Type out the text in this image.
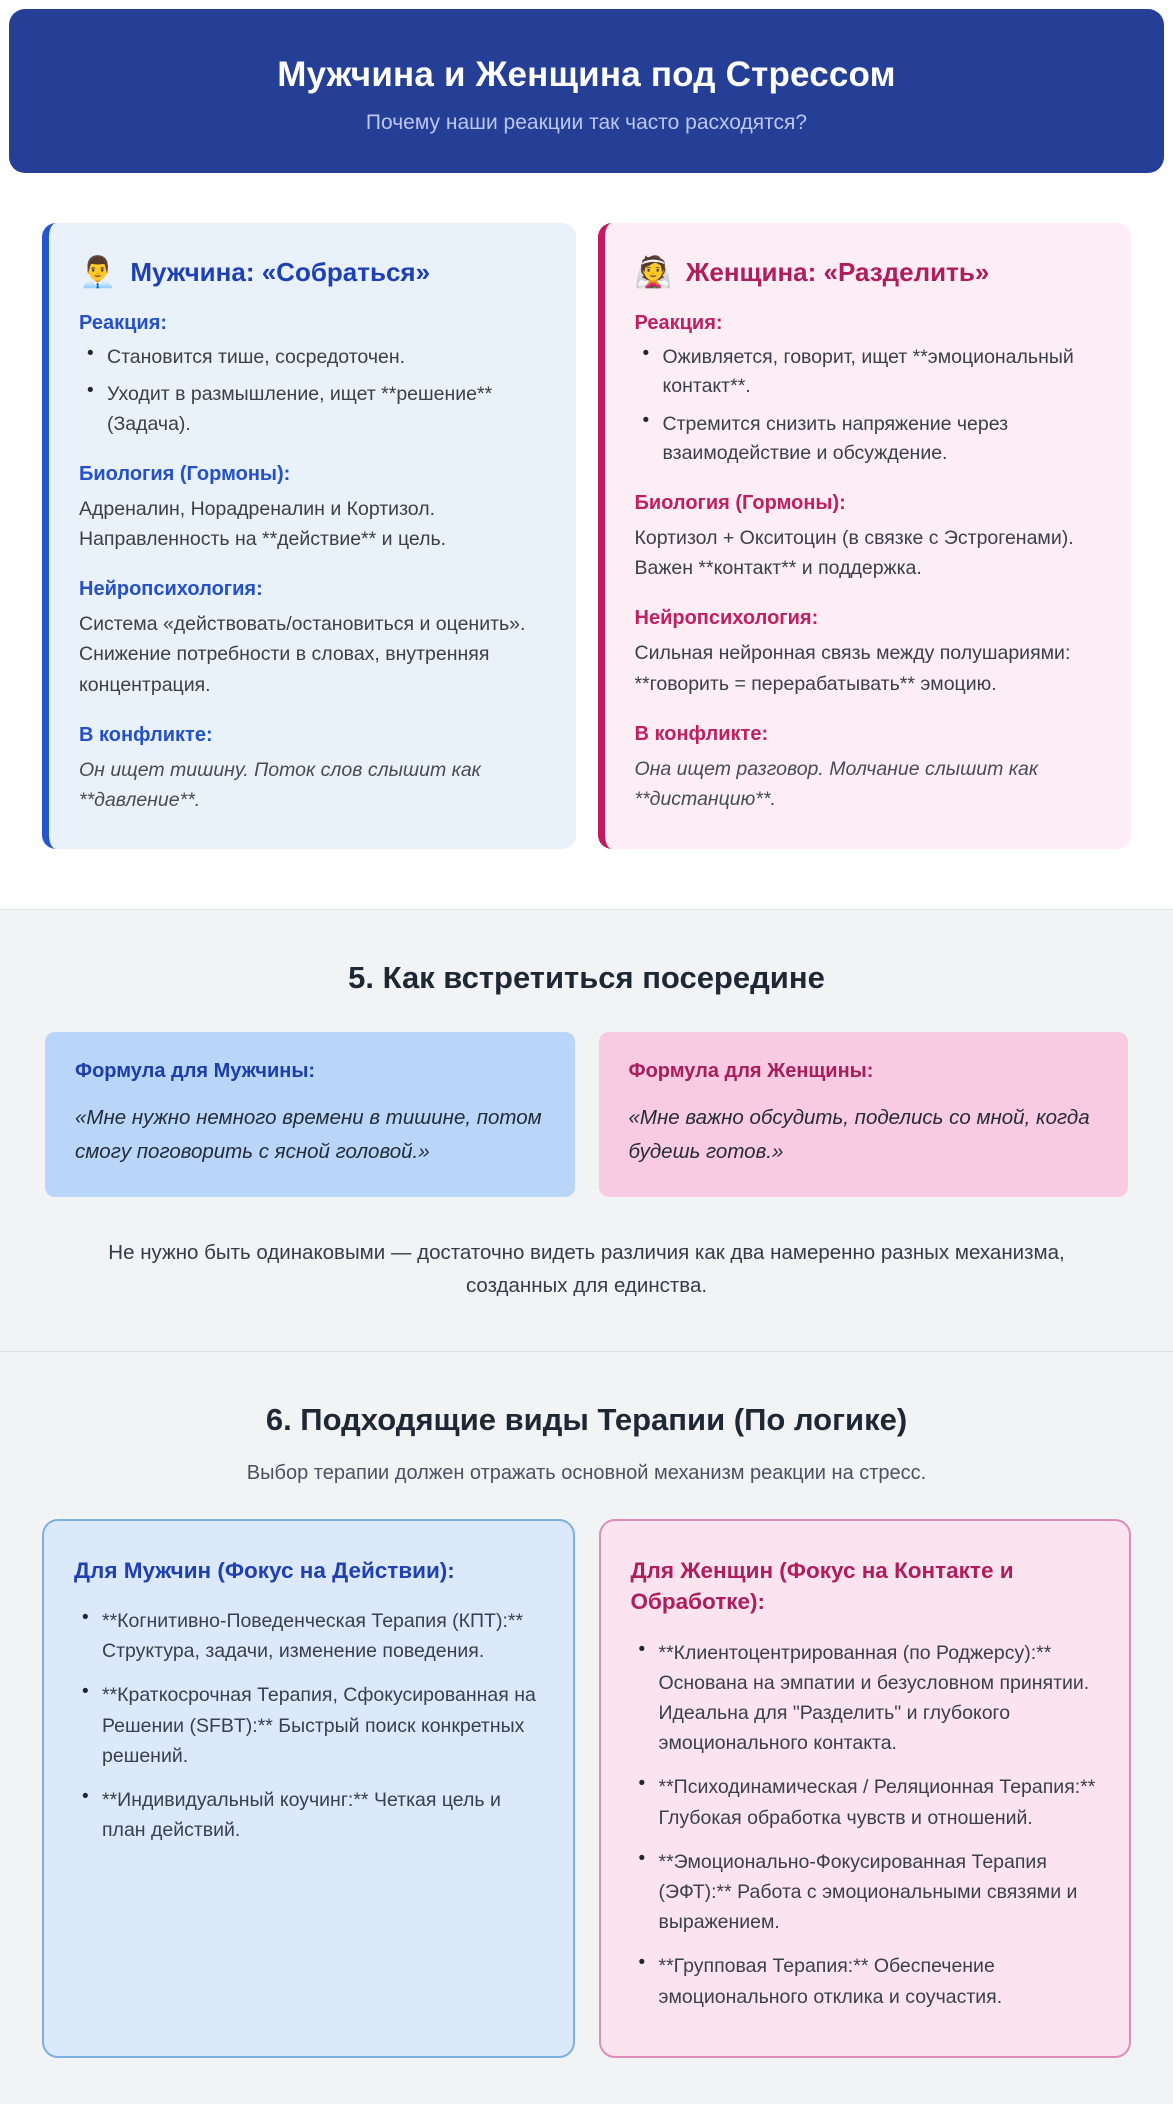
Мужчина и Женщина под Стрессом

Почему наши реакции так часто расходятся?

👨‍💼 Мужчина: «Собраться»

Реакция:

• Становится тише, сосредоточен.
• Уходит в размышление, ищет **решение** (Задача).

Биология (Гормоны):

Адреналин, Норадреналин и Кортизол. Направленность на **действие** и цель.

Нейропсихология:

Система «действовать/остановиться и оценить». Снижение потребности в словах, внутренняя концентрация.

В конфликте:

Он ищет тишину. Поток слов слышит как **давление**.

👰 Женщина: «Разделить»

Реакция:

• Оживляется, говорит, ищет **эмоциональный контакт**.
• Стремится снизить напряжение через взаимодействие и обсуждение.

Биология (Гормоны):

Кортизол + Окситоцин (в связке с Эстрогенами). Важен **контакт** и поддержка.

Нейропсихология:

Сильная нейронная связь между полушариями: **говорить = перерабатывать** эмоцию.

В конфликте:

Она ищет разговор. Молчание слышит как **дистанцию**.

5. Как встретиться посередине

Формула для Мужчины:

«Мне нужно немного времени в тишине, потом смогу поговорить с ясной головой.»

Формула для Женщины:

«Мне важно обсудить, поделись со мной, когда будешь готов.»

Не нужно быть одинаковыми — достаточно видеть различия как два намеренно разных механизма, созданных для единства.

6. Подходящие виды Терапии (По логике)

Выбор терапии должен отражать основной механизм реакции на стресс.

Для Мужчин (Фокус на Действии):

• **Когнитивно-Поведенческая Терапия (КПТ):** Структура, задачи, изменение поведения.
• **Краткосрочная Терапия, Сфокусированная на Решении (SFBT):** Быстрый поиск конкретных решений.
• **Индивидуальный коучинг:** Четкая цель и план действий.

Для Женщин (Фокус на Контакте и Обработке):

• **Клиентоцентрированная (по Роджерсу):** Основана на эмпатии и безусловном принятии. Идеальна для "Разделить" и глубокого эмоционального контакта.
• **Психодинамическая / Реляционная Терапия:** Глубокая обработка чувств и отношений.
• **Эмоционально-Фокусированная Терапия (ЭФТ):** Работа с эмоциональными связями и выражением.
• **Групповая Терапия:** Обеспечение эмоционального отклика и соучастия.
